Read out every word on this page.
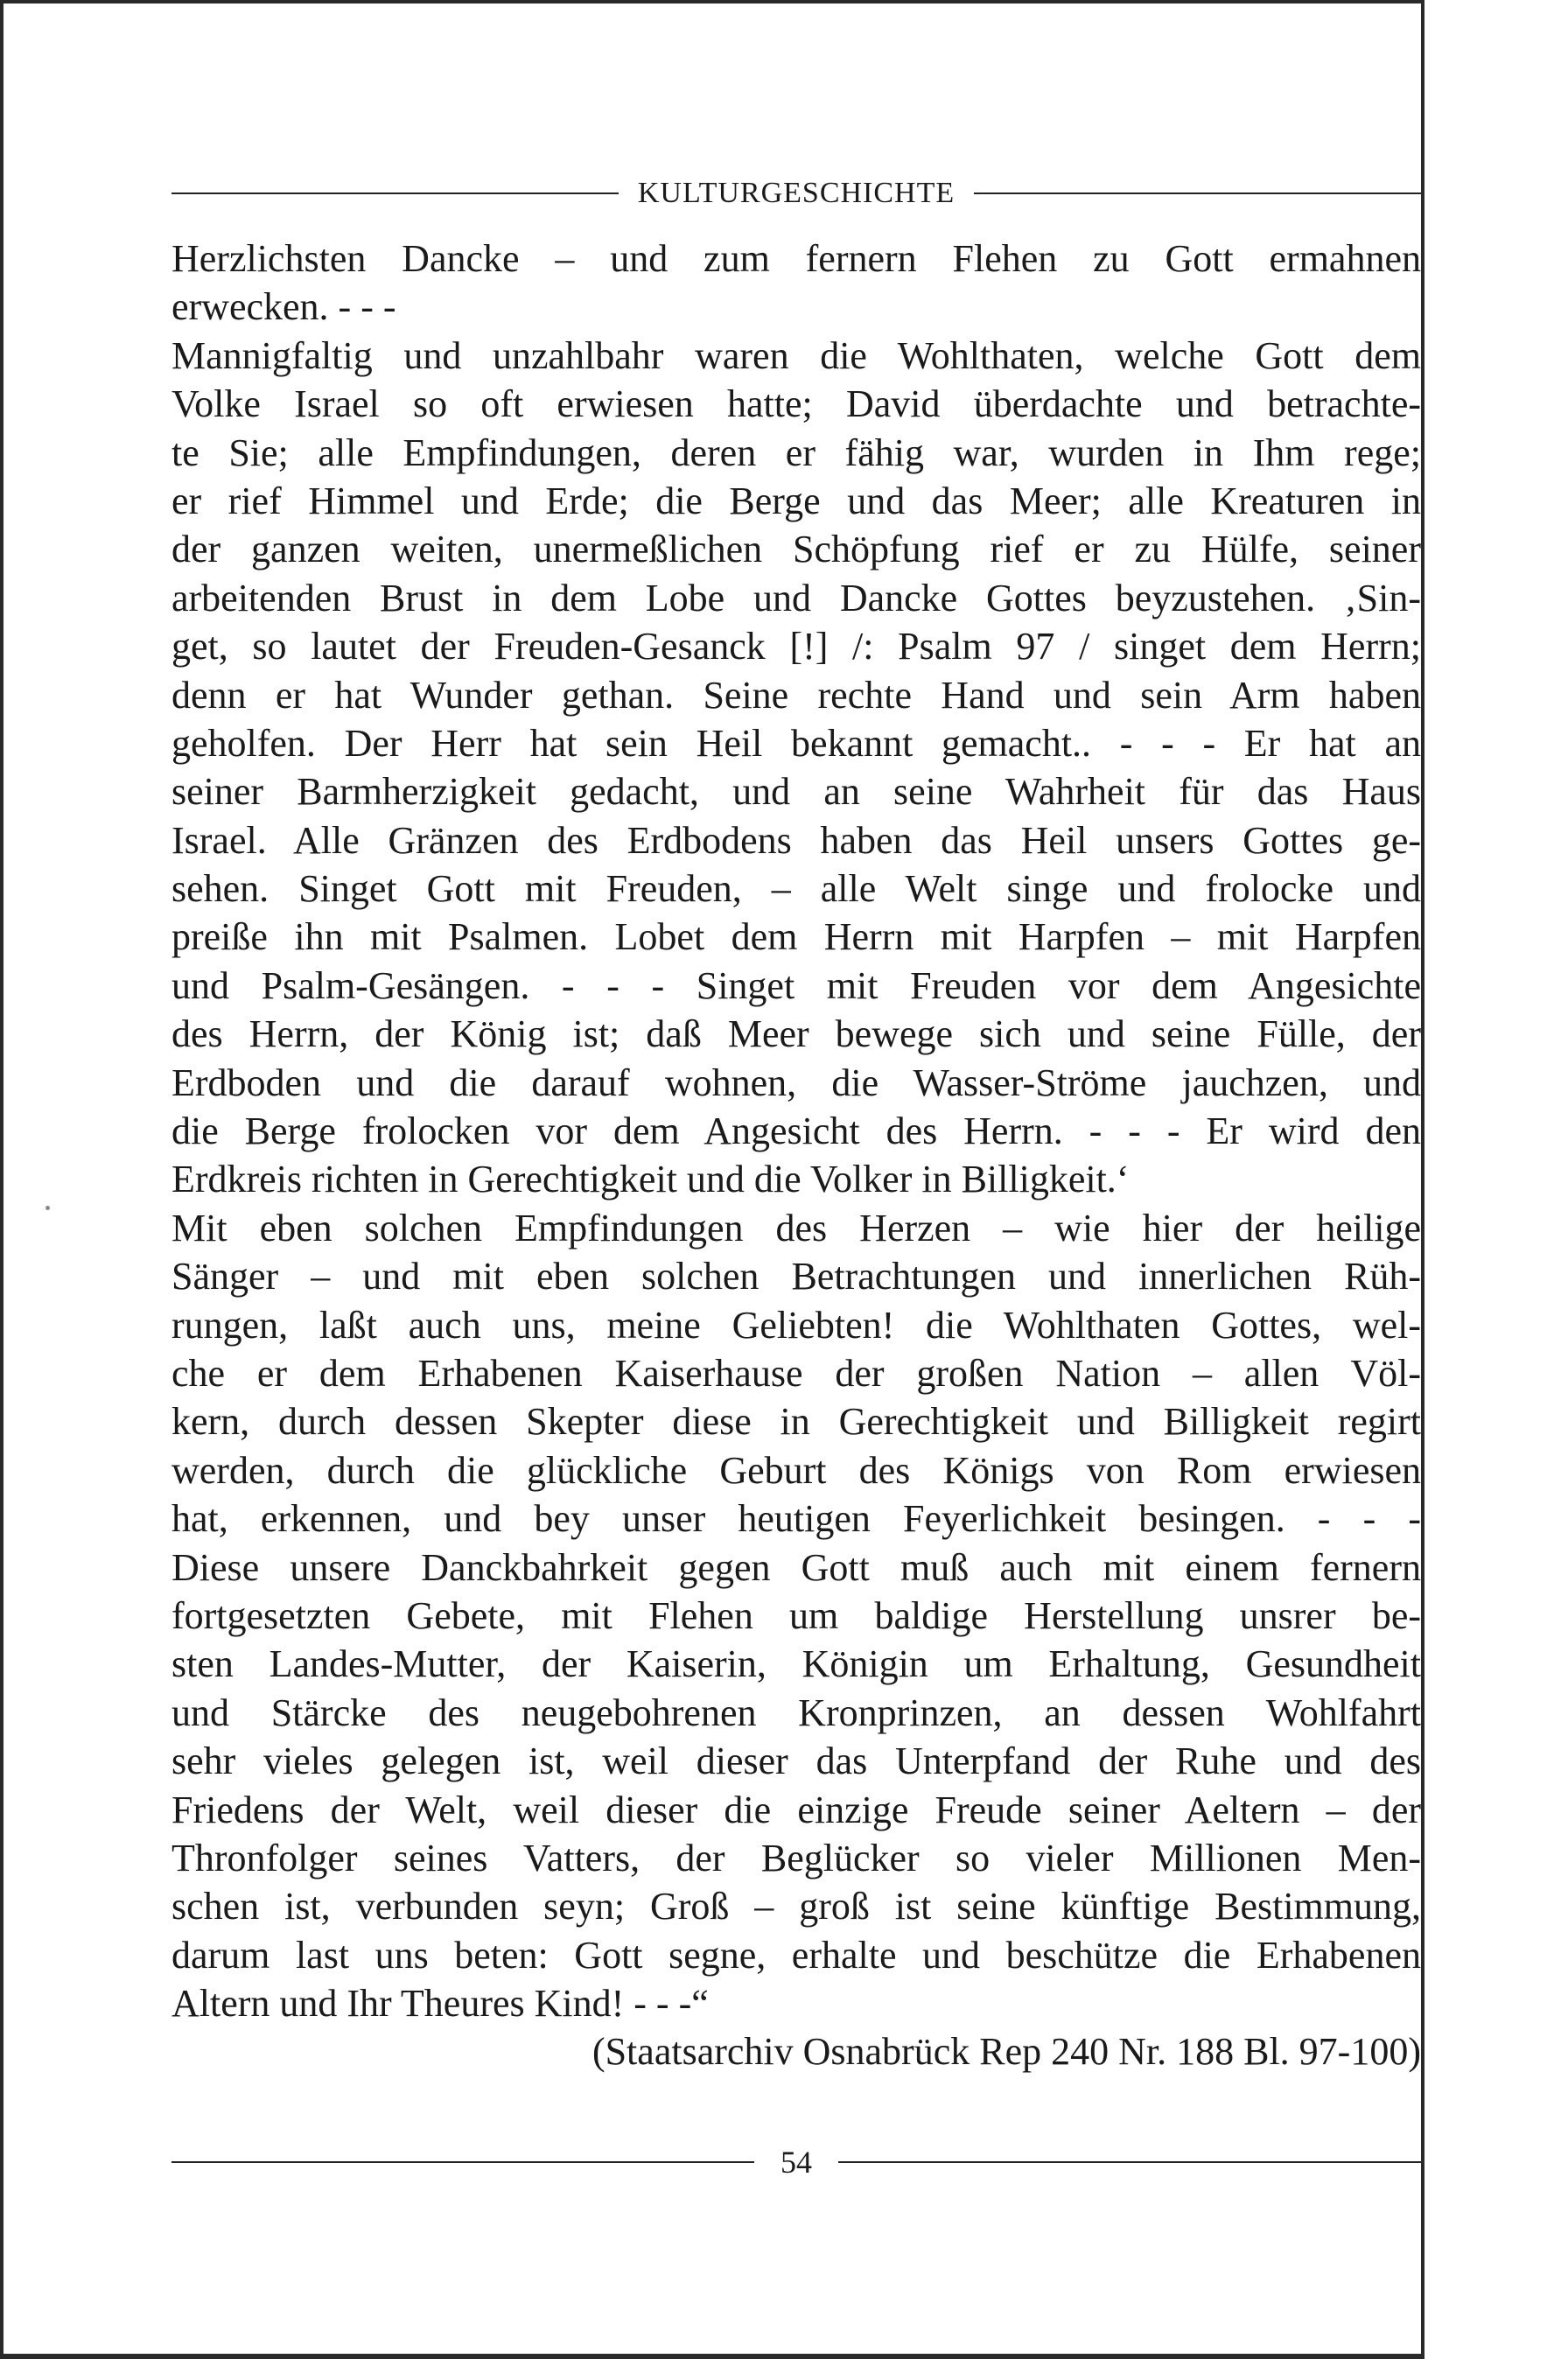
KULTURGESCHICHTE
Herzlichsten Dancke – und zum fernern Flehen zu Gott ermahnen
erwecken. - - -
Mannigfaltig und unzahlbahr waren die Wohlthaten, welche Gott dem
Volke Israel so oft erwiesen hatte; David überdachte und betrachte-
te Sie; alle Empfindungen, deren er fähig war, wurden in Ihm rege;
er rief Himmel und Erde; die Berge und das Meer; alle Kreaturen in
der ganzen weiten, unermeßlichen Schöpfung rief er zu Hülfe, seiner
arbeitenden Brust in dem Lobe und Dancke Gottes beyzustehen. ‚Sin-
get, so lautet der Freuden-Gesanck [!] /: Psalm 97 / singet dem Herrn;
denn er hat Wunder gethan. Seine rechte Hand und sein Arm haben
geholfen. Der Herr hat sein Heil bekannt gemacht.. - - - Er hat an
seiner Barmherzigkeit gedacht, und an seine Wahrheit für das Haus
Israel. Alle Gränzen des Erdbodens haben das Heil unsers Gottes ge-
sehen. Singet Gott mit Freuden, – alle Welt singe und frolocke und
preiße ihn mit Psalmen. Lobet dem Herrn mit Harpfen – mit Harpfen
und Psalm-Gesängen. - - - Singet mit Freuden vor dem Angesichte
des Herrn, der König ist; daß Meer bewege sich und seine Fülle, der
Erdboden und die darauf wohnen, die Wasser-Ströme jauchzen, und
die Berge frolocken vor dem Angesicht des Herrn. - - - Er wird den
Erdkreis richten in Gerechtigkeit und die Volker in Billigkeit.‘
Mit eben solchen Empfindungen des Herzen – wie hier der heilige
Sänger – und mit eben solchen Betrachtungen und innerlichen Rüh-
rungen, laßt auch uns, meine Geliebten! die Wohlthaten Gottes, wel-
che er dem Erhabenen Kaiserhause der großen Nation – allen Völ-
kern, durch dessen Skepter diese in Gerechtigkeit und Billigkeit regirt
werden, durch die glückliche Geburt des Königs von Rom erwiesen
hat, erkennen, und bey unser heutigen Feyerlichkeit besingen. - - -
Diese unsere Danckbahrkeit gegen Gott muß auch mit einem fernern
fortgesetzten Gebete, mit Flehen um baldige Herstellung unsrer be-
sten Landes-Mutter, der Kaiserin, Königin um Erhaltung, Gesundheit
und Stärcke des neugebohrenen Kronprinzen, an dessen Wohlfahrt
sehr vieles gelegen ist, weil dieser das Unterpfand der Ruhe und des
Friedens der Welt, weil dieser die einzige Freude seiner Aeltern – der
Thronfolger seines Vatters, der Beglücker so vieler Millionen Men-
schen ist, verbunden seyn; Groß – groß ist seine künftige Bestimmung,
darum last uns beten: Gott segne, erhalte und beschütze die Erhabenen
Altern und Ihr Theures Kind! - - -“
(Staatsarchiv Osnabrück Rep 240 Nr. 188 Bl. 97-100)
54
